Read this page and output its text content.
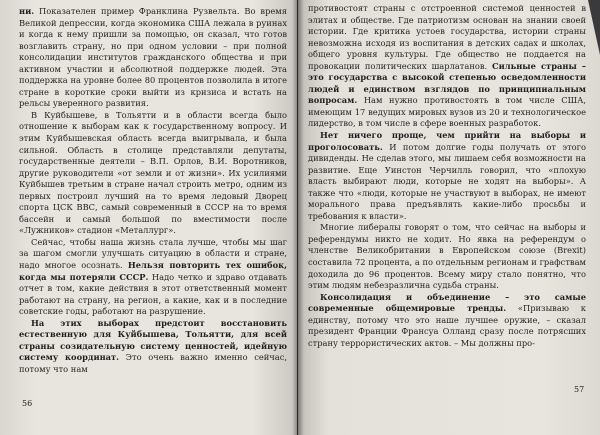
ни. Показателен пример Франклина Рузвельта. Во время Великой депрессии, когда экономика США лежала в руинах и когда к нему пришли за помощью, он сказал, что готов возглавить страну, но при одном условии – при полной консолидации институтов гражданского общества и при активном участии и абсолютной поддержке людей. Эта поддержка на уровне более 80 процентов позволила в итоге стране в короткие сроки выйти из кризиса и встать на рельсы уверенного развития.

В Куйбышеве, в Тольятти и в области всегда было отношение к выборам как к государственному вопросу. И этим Куйбышевская область всегда выигрывала, и была сильной. Область в столице представляли депутаты, государственные деятели – В.П. Орлов, В.И. Воротников, другие руководители «от земли и от жизни». Их усилиями Куйбышев третьим в стране начал строить метро, одним из первых построил лучший на то время ледовый Дворец спорта ЦСК ВВС, самый современный в СССР на то время бассейн и самый большой по вместимости после «Лужников» стадион «Металлург».

Сейчас, чтобы наша жизнь стала лучше, чтобы мы шаг за шагом смогли улучшать ситуацию в области и стране, надо многое осознать. Нельзя повторить тех ошибок, когда мы потеряли СССР. Надо четко и здраво отдавать отчет в том, какие действия в этот ответственный момент работают на страну, на регион, а какие, как и в последние советские годы, работают на разрушение.

На этих выборах предстоит восстановить естественную для Куйбышева, Тольятти, для всей страны созидательную систему ценностей, идейную систему координат. Это очень важно именно сейчас, потому что нам

56

противостоят страны с отстроенной системой ценностей в элитах и обществе. Где патриотизм основан на знании своей истории. Где критика устоев государства, истории страны невозможна исходя из воспитания в детских садах и школах, общего уровня культуры. Где общество не поддается на провокации политических шарлатанов. Сильные страны – это государства с высокой степенью осведомленности людей и единством взглядов по принципиальным вопросам. Нам нужно противостоять в том числе США, имеющим 17 ведущих мировых вузов из 20 и технологическое лидерство, в том числе в сфере военных разработок.

Нет ничего проще, чем прийти на выборы и проголосовать. И потом долгие годы получать от этого дивиденды. Не сделав этого, мы лишаем себя возможности на развитие. Еще Уинстон Черчилль говорил, что «плохую власть выбирают люди, которые не ходят на выборы». А также что «люди, которые не участвуют в выборах, не имеют морального права предъявлять какие-либо просьбы и требования к власти».

Многие либералы говорят о том, что сейчас на выборы и референдумы никто не ходит. Но явка на референдум о членстве Великобритании в Европейском союзе (Brexit) составила 72 процента, а по отдельным регионам и графствам доходила до 96 процентов. Всему миру стало понятно, что этим людям небезразлична судьба страны.

Консолидация и объединение – это самые современные общемировые тренды. «Призываю к единству, потому что это наше лучшее оружие, – сказал президент Франции Франсуа Олланд сразу после потрясших страну террористических актов. – Мы должны про-

57
